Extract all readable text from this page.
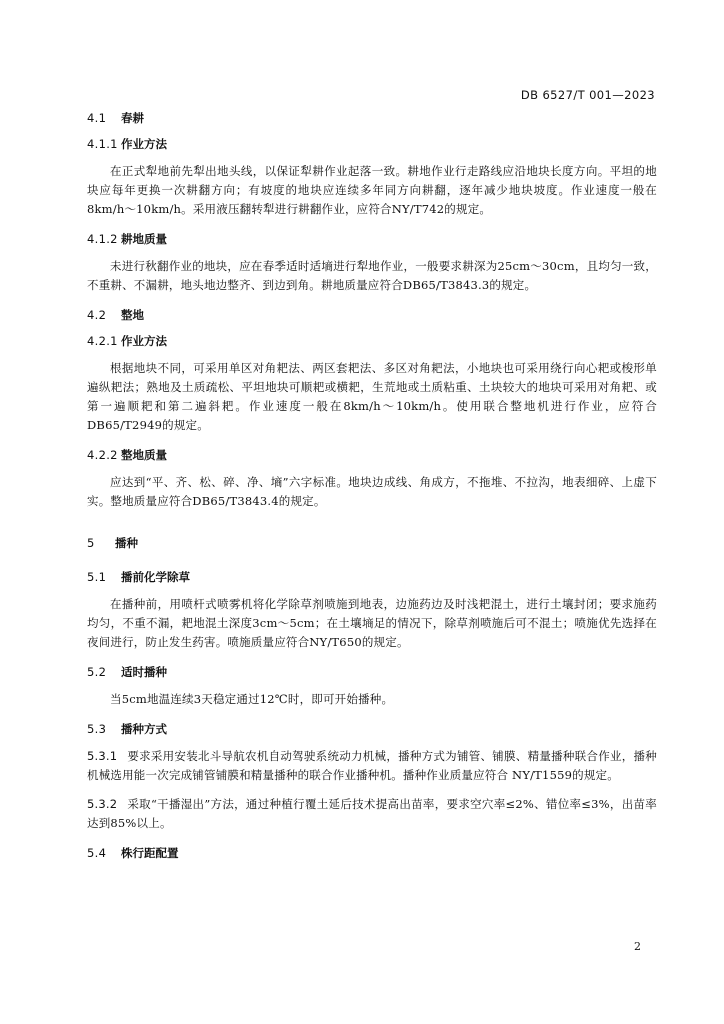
DB 6527/T 001—2023
4.1 春耕
4.1.1 作业方法

在正式犁地前先犁出地头线，以保证犁耕作业起落一致。耕地作业行走路线应沿地块长度方向。平坦的地块应每年更换一次耕翻方向；有坡度的地块应连续多年同方向耕翻，逐年减少地块坡度。作业速度一般在8km/h～10km/h。采用液压翻转犁进行耕翻作业，应符合NY/T742的规定。

4.1.2 耕地质量

未进行秋翻作业的地块，应在春季适时适墒进行犁地作业，一般要求耕深为25cm～30cm，且均匀一致，不重耕、不漏耕，地头地边整齐、到边到角。耕地质量应符合DB65/T3843.3的规定。

4.2 整地
4.2.1 作业方法

根据地块不同，可采用单区对角耙法、两区套耙法、多区对角耙法，小地块也可采用绕行向心耙或梭形单遍纵耙法；熟地及土质疏松、平坦地块可顺耙或横耙，生荒地或土质粘重、土块较大的地块可采用对角耙、或第一遍顺耙和第二遍斜耙。作业速度一般在8km/h～10km/h。使用联合整地机进行作业，应符合DB65/T2949的规定。

4.2.2 整地质量

应达到“平、齐、松、碎、净、墒”六字标准。地块边成线、角成方，不拖堆、不拉沟，地表细碎、上虚下实。整地质量应符合DB65/T3843.4的规定。

5 播种
5.1 播前化学除草

在播种前，用喷杆式喷雾机将化学除草剂喷施到地表，边施药边及时浅耙混土，进行土壤封闭；要求施药均匀，不重不漏，耙地混土深度3cm～5cm；在土壤墒足的情况下，除草剂喷施后可不混土；喷施优先选择在夜间进行，防止发生药害。喷施质量应符合NY/T650的规定。

5.2 适时播种

当5cm地温连续3天稳定通过12℃时，即可开始播种。

5.3 播种方式

5.3.1 要求采用安装北斗导航农机自动驾驶系统动力机械，播种方式为铺管、铺膜、精量播种联合作业，播种机械选用能一次完成铺管铺膜和精量播种的联合作业播种机。播种作业质量应符合 NY/T1559的规定。

5.3.2 采取“干播湿出”方法，通过种植行覆土延后技术提高出苗率，要求空穴率≤2%、错位率≤3%，出苗率达到85%以上。

5.4 株行距配置
2
